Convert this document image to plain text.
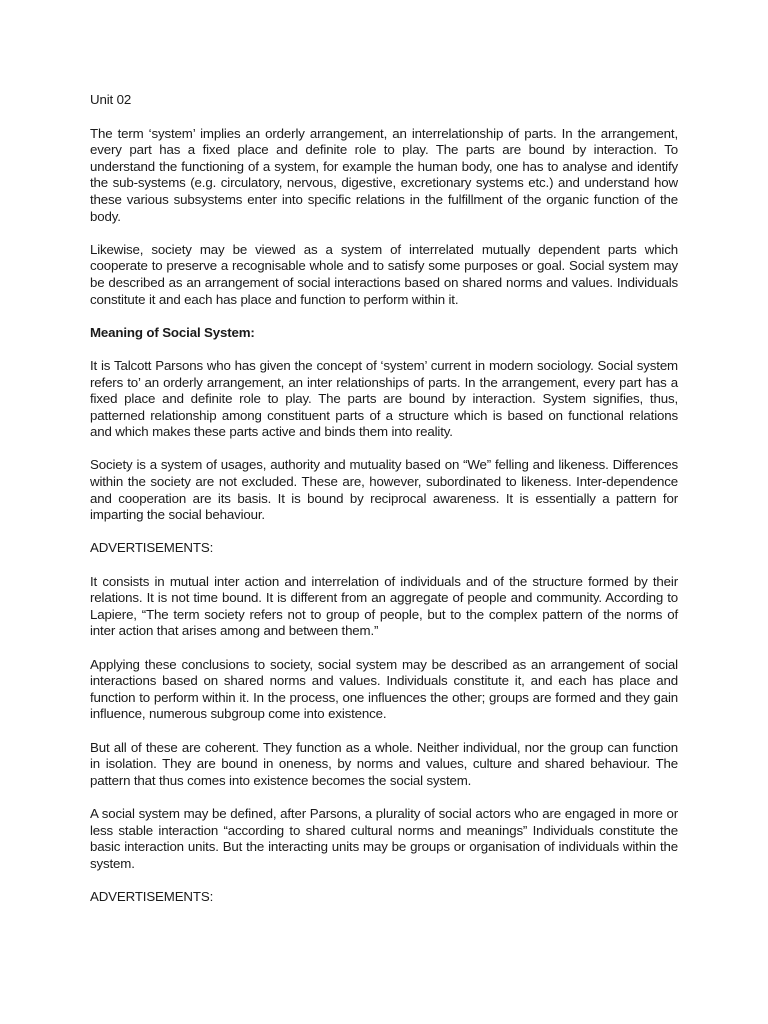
Unit 02

The term ‘system’ implies an orderly arrangement, an interrelationship of parts. In the arrangement, every part has a fixed place and definite role to play. The parts are bound by interaction. To understand the functioning of a system, for example the human body, one has to analyse and identify the sub-systems (e.g. circulatory, nervous, digestive, excretionary systems etc.) and understand how these various subsystems enter into specific relations in the fulfillment of the organic function of the body.

Likewise, society may be viewed as a system of interrelated mutually dependent parts which cooperate to preserve a recognisable whole and to satisfy some purposes or goal. Social system may be described as an arrangement of social interactions based on shared norms and values. Individuals constitute it and each has place and function to perform within it.

Meaning of Social System:

It is Talcott Parsons who has given the concept of ‘system’ current in modern sociology. Social system refers to’ an orderly arrangement, an inter relationships of parts. In the arrangement, every part has a fixed place and definite role to play. The parts are bound by interaction. System signifies, thus, patterned relationship among constituent parts of a structure which is based on functional relations and which makes these parts active and binds them into reality.

Society is a system of usages, authority and mutuality based on “We” felling and likeness. Differences within the society are not excluded. These are, however, subordinated to likeness. Inter-dependence and cooperation are its basis. It is bound by reciprocal awareness. It is essentially a pattern for imparting the social behaviour.

ADVERTISEMENTS:

It consists in mutual inter action and interrelation of individuals and of the structure formed by their relations. It is not time bound. It is different from an aggregate of people and community. According to Lapiere, “The term society refers not to group of people, but to the complex pattern of the norms of inter action that arises among and between them.”

Applying these conclusions to society, social system may be described as an arrangement of social interactions based on shared norms and values. Individuals constitute it, and each has place and function to perform within it. In the process, one influences the other; groups are formed and they gain influence, numerous subgroup come into existence.

But all of these are coherent. They function as a whole. Neither individual, nor the group can function in isolation. They are bound in oneness, by norms and values, culture and shared behaviour. The pattern that thus comes into existence becomes the social system.

A social system may be defined, after Parsons, a plurality of social actors who are engaged in more or less stable interaction “according to shared cultural norms and meanings” Individuals constitute the basic interaction units. But the interacting units may be groups or organisation of individuals within the system.

ADVERTISEMENTS:
